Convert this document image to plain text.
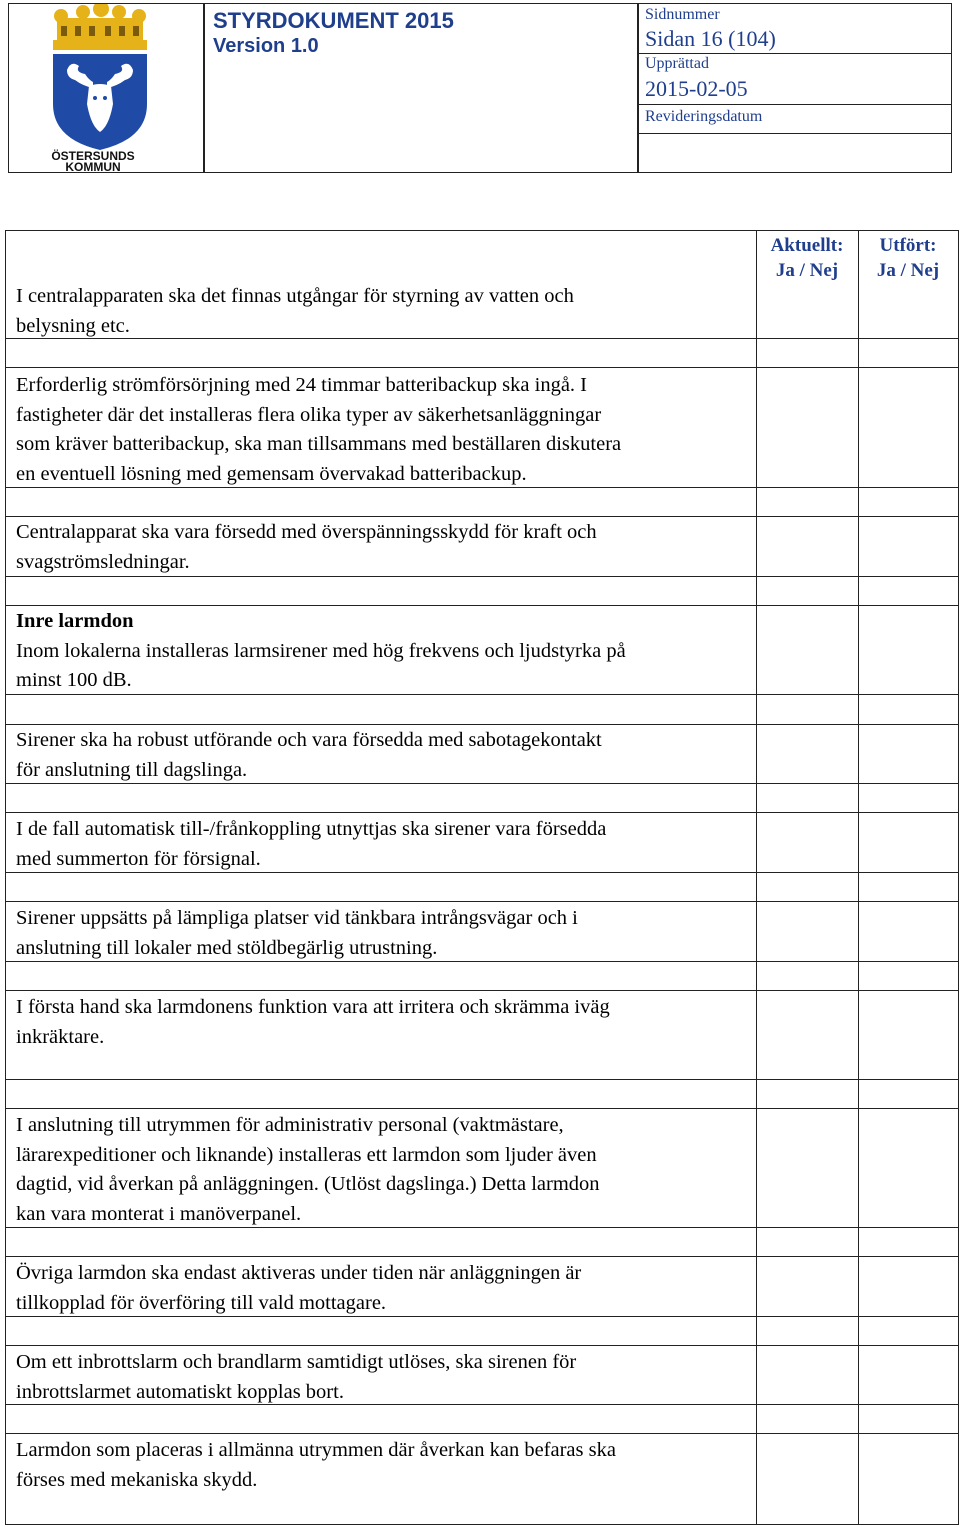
ÖSTERSUNDS
KOMMUN
STYRDOKUMENT 2015
Version 1.0
Sidnummer
Sidan 16 (104)
Upprättad
2015-02-05
Revideringsdatum
Aktuellt:
Ja / Nej
Utfört:
Ja / Nej
I centralapparaten ska det finnas utgångar för styrning av vatten och
belysning etc.
Erforderlig strömförsörjning med 24 timmar batteribackup ska ingå. I
fastigheter där det installeras flera olika typer av säkerhetsanläggningar
som kräver batteribackup, ska man tillsammans med beställaren diskutera
en eventuell lösning med gemensam övervakad batteribackup.
Centralapparat ska vara försedd med överspänningsskydd för kraft och
svagströmsledningar.
Inre larmdon
Inom lokalerna installeras larmsirener med hög frekvens och ljudstyrka på
minst 100 dB.
Sirener ska ha robust utförande och vara försedda med sabotagekontakt
för anslutning till dagslinga.
I de fall automatisk till-/frånkoppling utnyttjas ska sirener vara försedda
med summerton för försignal.
Sirener uppsätts på lämpliga platser vid tänkbara intrångsvägar och i
anslutning till lokaler med stöldbegärlig utrustning.
I första hand ska larmdonens funktion vara att irritera och skrämma iväg
inkräktare.
I anslutning till utrymmen för administrativ personal (vaktmästare,
lärarexpeditioner och liknande) installeras ett larmdon som ljuder även
dagtid, vid åverkan på anläggningen. (Utlöst dagslinga.) Detta larmdon
kan vara monterat i manöverpanel.
Övriga larmdon ska endast aktiveras under tiden när anläggningen är
tillkopplad för överföring till vald mottagare.
Om ett inbrottslarm och brandlarm samtidigt utlöses, ska sirenen för
inbrottslarmet automatiskt kopplas bort.
Larmdon som placeras i allmänna utrymmen där åverkan kan befaras ska
förses med mekaniska skydd.
